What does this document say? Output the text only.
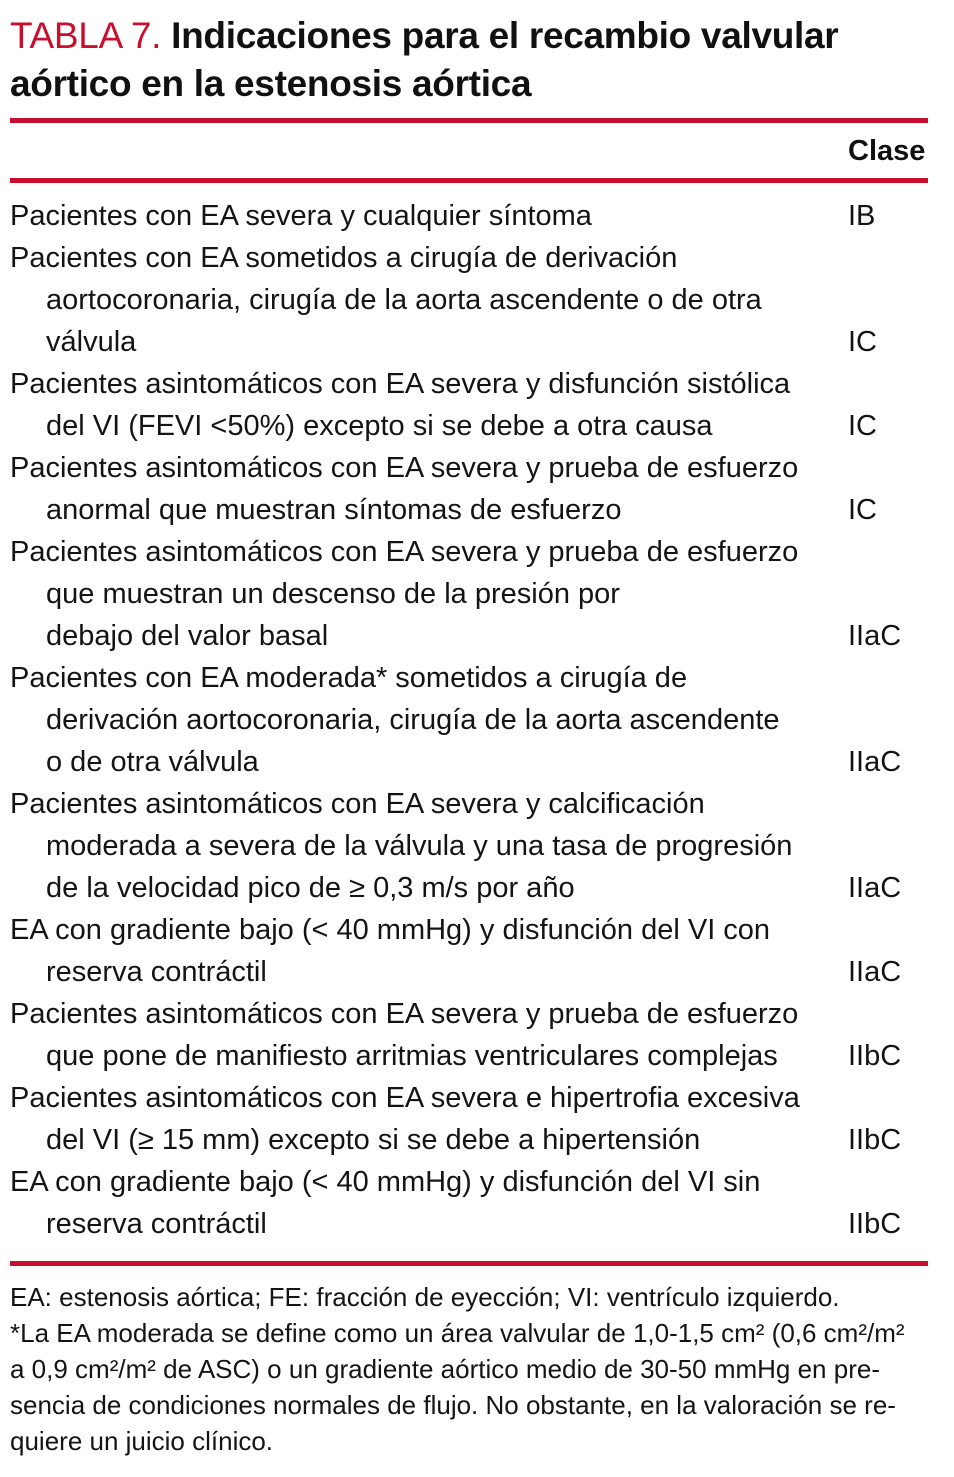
TABLA 7. Indicaciones para el recambio valvular aórtico en la estenosis aórtica
Clase
Pacientes con EA severa y cualquier síntoma	IB
Pacientes con EA sometidos a cirugía de derivación
aortocoronaria, cirugía de la aorta ascendente o de otra
válvula	IC
Pacientes asintomáticos con EA severa y disfunción sistólica
del VI (FEVI <50%) excepto si se debe a otra causa	IC
Pacientes asintomáticos con EA severa y prueba de esfuerzo
anormal que muestran síntomas de esfuerzo	IC
Pacientes asintomáticos con EA severa y prueba de esfuerzo
que muestran un descenso de la presión por
debajo del valor basal	IIaC
Pacientes con EA moderada* sometidos a cirugía de
derivación aortocoronaria, cirugía de la aorta ascendente
o de otra válvula	IIaC
Pacientes asintomáticos con EA severa y calcificación
moderada a severa de la válvula y una tasa de progresión
de la velocidad pico de ≥ 0,3 m/s por año	IIaC
EA con gradiente bajo (< 40 mmHg) y disfunción del VI con
reserva contráctil	IIaC
Pacientes asintomáticos con EA severa y prueba de esfuerzo
que pone de manifiesto arritmias ventriculares complejas	IIbC
Pacientes asintomáticos con EA severa e hipertrofia excesiva
del VI (≥ 15 mm) excepto si se debe a hipertensión	IIbC
EA con gradiente bajo (< 40 mmHg) y disfunción del VI sin
reserva contráctil	IIbC
EA: estenosis aórtica; FE: fracción de eyección; VI: ventrículo izquierdo.
*La EA moderada se define como un área valvular de 1,0-1,5 cm² (0,6 cm²/m²
a 0,9 cm²/m² de ASC) o un gradiente aórtico medio de 30-50 mmHg en pre-
sencia de condiciones normales de flujo. No obstante, en la valoración se re-
quiere un juicio clínico.
